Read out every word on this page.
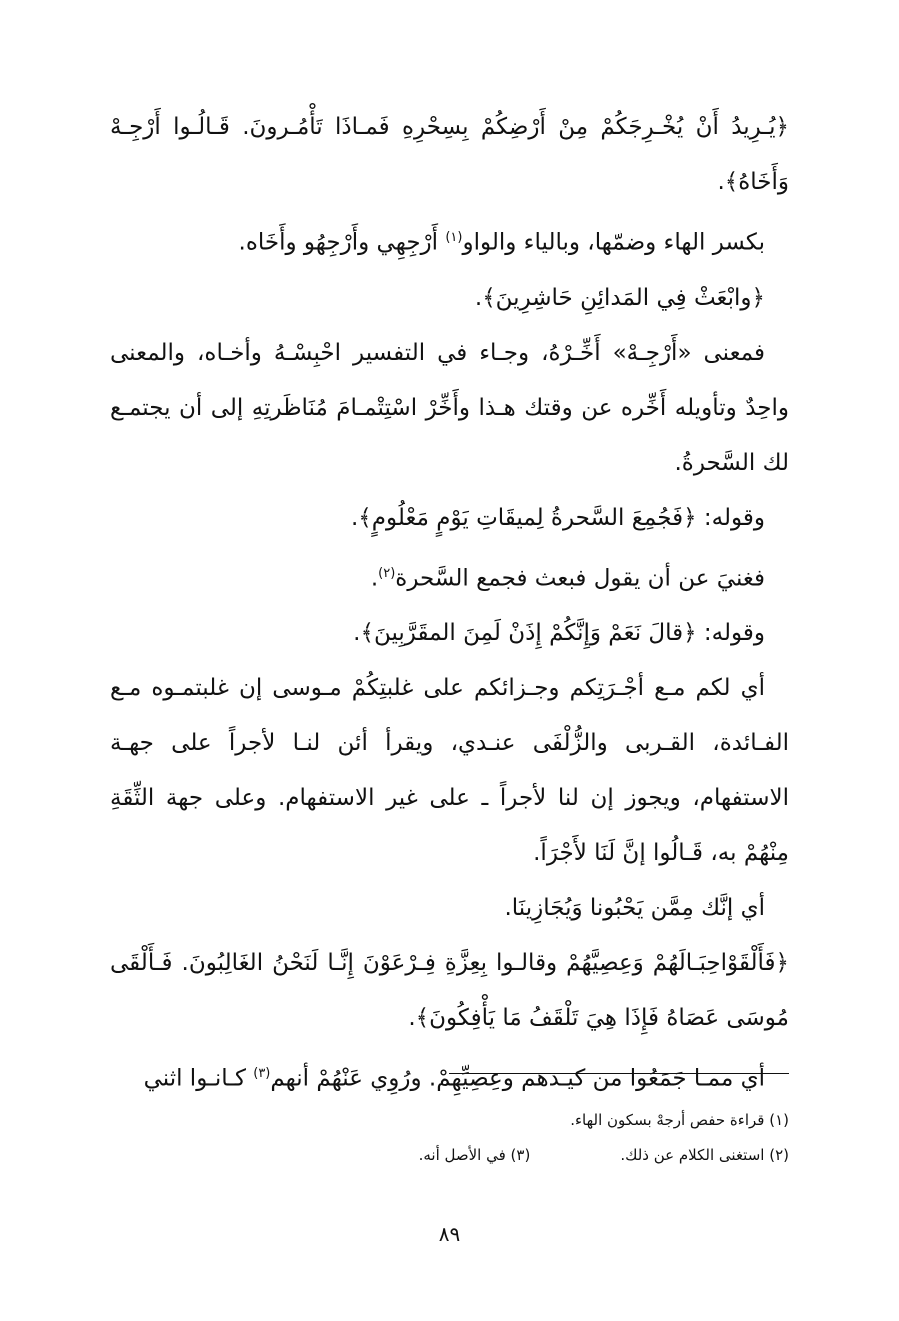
﴿يُـرِيدُ أَنْ يُخْـرِجَكُمْ مِنْ أَرْضِكُمْ بِسِحْرِهِ فَمـاذَا تَأْمُـرونَ. قَـالُـوا أَرْجِـهْ وَأَخَاهُ﴾.

بكسر الهاء وضمّها، وبالياء والواو$^{(١)}$ أَرْجِهِي وأَرْجِهُو وأَخَاه.

﴿وابْعَثْ فِي المَدائِنِ حَاشِرِينَ﴾.

فمعنى «أَرْجِـهْ» أَخِّـرْهُ، وجـاء في التفسير احْبِسْـهُ وأخـاه، والمعنى واحِدٌ وتأويله أَخِّره عن وقتك هـذا وأَخِّرْ اسْتِتْمـامَ مُنَاظَرتِهِ إلى أن يجتمـع لك السَّحرةُ.

وقوله: ﴿فَجُمِعَ السَّحرةُ لِميقَاتِ يَوْمٍ مَعْلُومٍ﴾.

فغنيَ عن أن يقول فبعث فجمع السَّحرة$^{(٢)}$.

وقوله: ﴿قالَ نَعَمْ وَإِنَّكُمْ إِذَنْ لَمِنَ المقَرَّبِينَ﴾.

أي لكم مـع أجْـرَتِكم وجـزائكم على غلبتِكُمْ مـوسى إن غلبتمـوه مـع الفـائدة، القـربى والزُّلْفَى عنـدي، ويقرأ أئن لنـا لأجراً على جهـة الاستفهام، ويجوز إن لنا لأجراً ـ على غير الاستفهام. وعلى جهة الثِّقَةِ مِنْهُمْ به، قَـالُوا إنَّ لَنَا لأَجْرَاً.

أي إنَّك مِمَّن يَحْبُونا وَيُجَازِينَا.

﴿فَأَلْقَوْاحِبَـالَهُمْ وَعِصِيَّهُمْ وقالـوا بِعِزَّةِ فِـرْعَوْنَ إِنَّـا لَنَحْنُ الغَالِبُونَ. فَـأَلْقَى مُوسَى عَصَاهُ فَإِذَا هِيَ تَلْقَفُ مَا يَأْفِكُونَ﴾.

أي ممـا جَمَعُوا من كيـدهم وعِصِيِّهِمْ. ورُوِي عَنْهُمْ أنهم$^{(٣)}$ كـانـوا اثني

(١) قراءة حفص أرجهْ بسكون الهاء.
(٢) استغنى الكلام عن ذلك.
(٣) في الأصل أنه.
٨٩
